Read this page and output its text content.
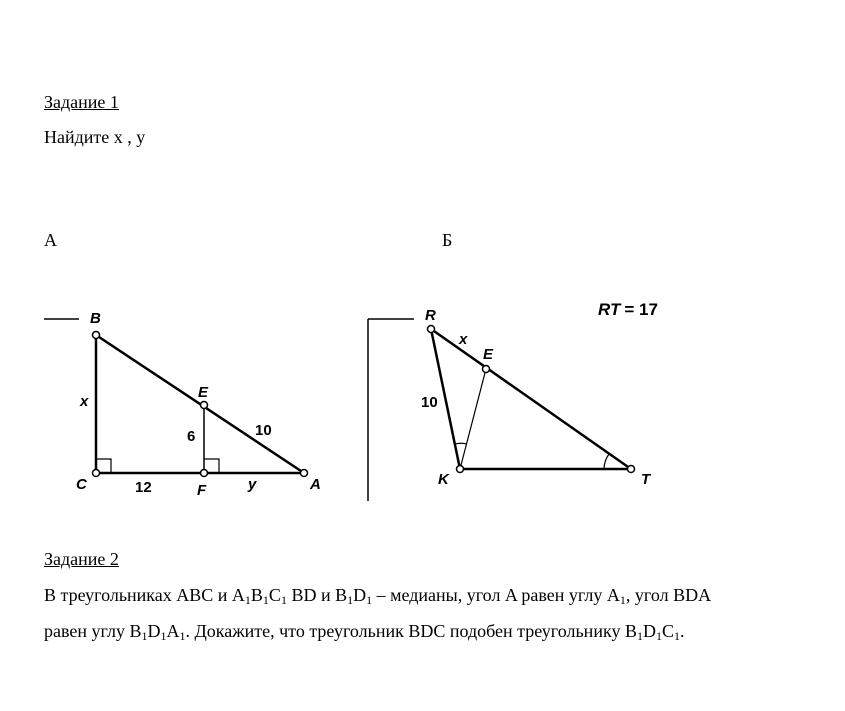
Задание 1
Найдите x , y
А	Б
B
C
E
F	A
x
y
12
6	10
R
E
K	T
x
10
RT = 17
Задание 2
В треугольниках ABC и $A_1B_1C_1$ BD и $B_1D_1$ – медианы, угол A равен углу $A_1$, угол BDA
равен углу $B_1D_1A_1$. Докажите, что треугольник BDC подобен треугольнику $B_1D_1C_1$.
